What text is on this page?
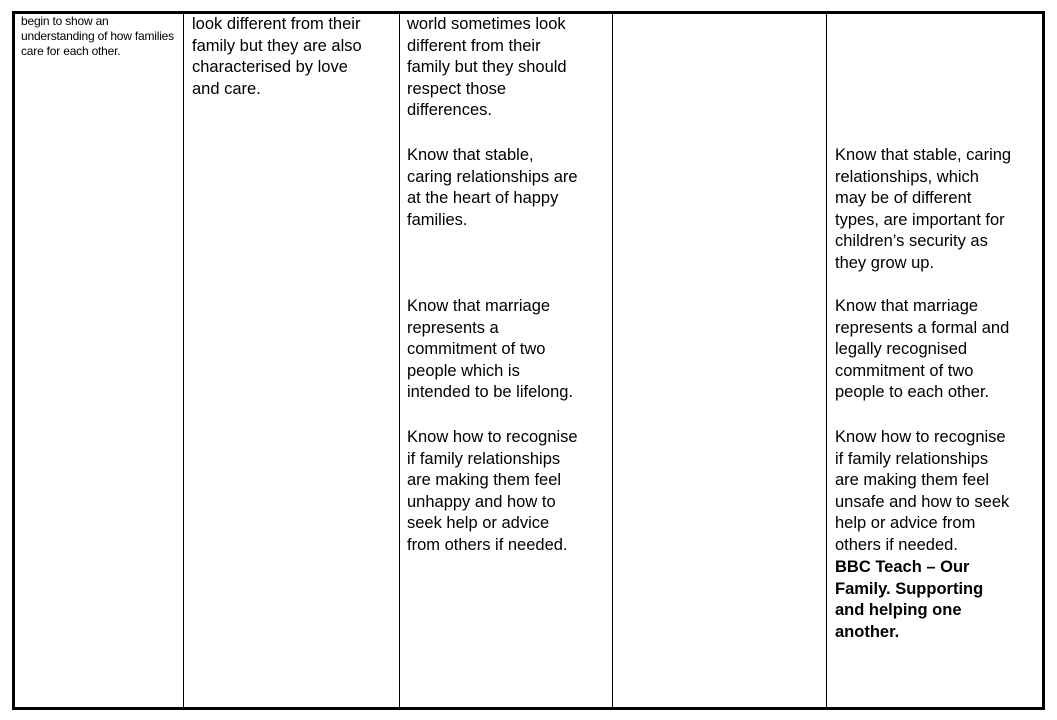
begin to show an understanding of how families care for each other.
look different from their
family but they are also
characterised by love
and care.
world sometimes look
different from their
family but they should
respect those
differences.
Know that stable,
caring relationships are
at the heart of happy
families.
Know that marriage
represents a
commitment of two
people which is
intended to be lifelong.
Know how to recognise
if family relationships
are making them feel
unhappy and how to
seek help or advice
from others if needed.
Know that stable, caring
relationships, which
may be of different
types, are important for
children’s security as
they grow up.
Know that marriage
represents a formal and
legally recognised
commitment of two
people to each other.
Know how to recognise
if family relationships
are making them feel
unsafe and how to seek
help or advice from
others if needed.
BBC Teach – Our
Family. Supporting
and helping one
another.
